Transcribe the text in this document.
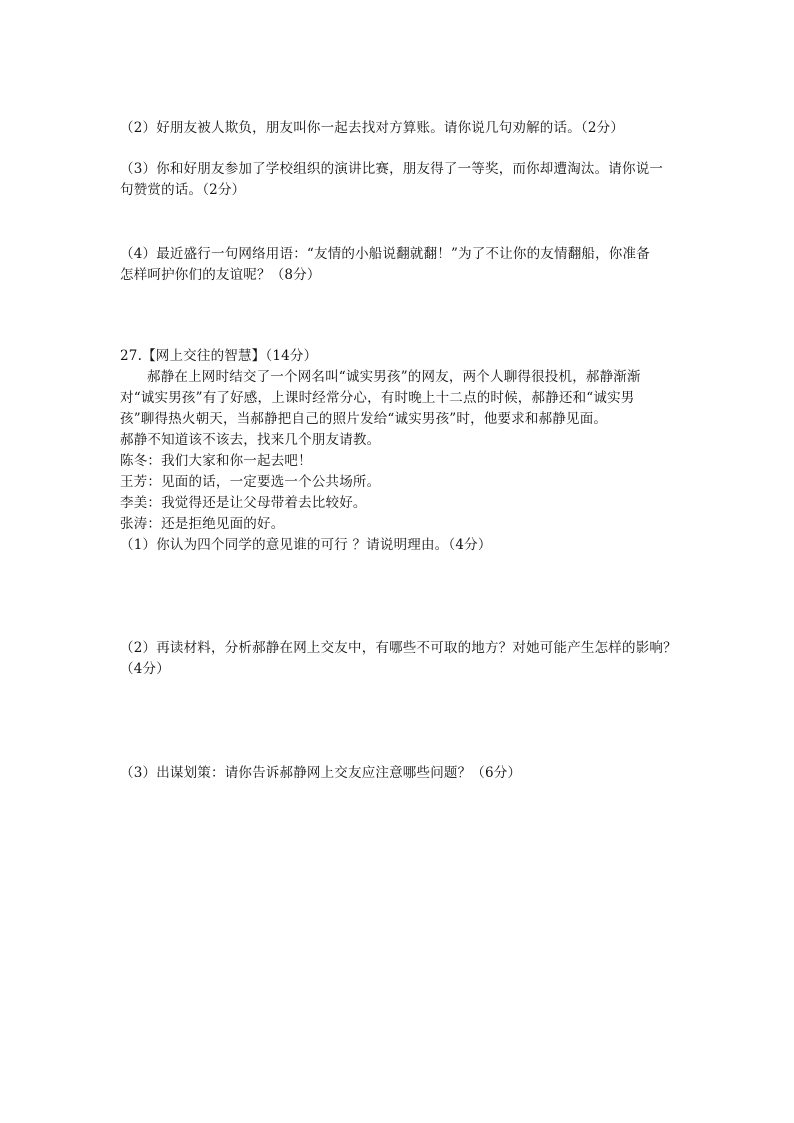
（2）好朋友被人欺负，朋友叫你一起去找对方算账。请你说几句劝解的话。（2分）
（3）你和好朋友参加了学校组织的演讲比赛，朋友得了一等奖，而你却遭淘汰。请你说一
句赞赏的话。（2分）
（4）最近盛行一句网络用语：“友情的小船说翻就翻！”为了不让你的友情翻船，你准备
怎样呵护你们的友谊呢？（8分）
27.【网上交往的智慧】（14分）
郝静在上网时结交了一个网名叫“诚实男孩”的网友，两个人聊得很投机，郝静渐渐
对“诚实男孩”有了好感，上课时经常分心，有时晚上十二点的时候，郝静还和“诚实男
孩”聊得热火朝天，当郝静把自己的照片发给“诚实男孩”时，他要求和郝静见面。
郝静不知道该不该去，找来几个朋友请教。
陈冬：我们大家和你一起去吧！
王芳：见面的话，一定要选一个公共场所。
李美：我觉得还是让父母带着去比较好。
张涛：还是拒绝见面的好。
（1）你认为四个同学的意见谁的可行 ？请说明理由。（4分）
（2）再读材料，分析郝静在网上交友中，有哪些不可取的地方？对她可能产生怎样的影响？
（4分）
（3）出谋划策：请你告诉郝静网上交友应注意哪些问题？（6分）
